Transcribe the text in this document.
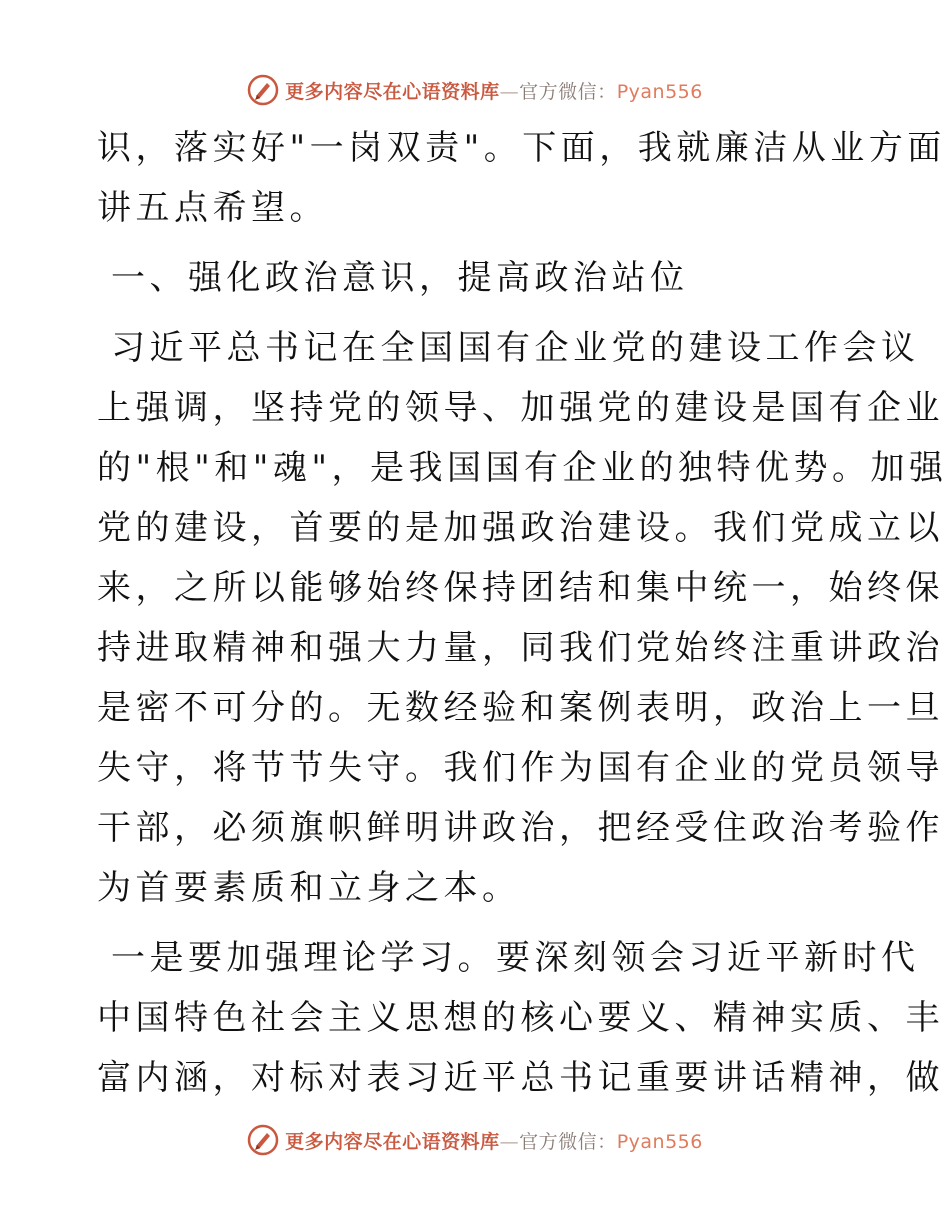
更多内容尽在心语资料库—官方微信：Pyan556
识，落实好"一岗双责"。下面，我就廉洁从业方面
讲五点希望。
一、强化政治意识，提高政治站位
习近平总书记在全国国有企业党的建设工作会议
上强调，坚持党的领导、加强党的建设是国有企业
的"根"和"魂"，是我国国有企业的独特优势。加强
党的建设，首要的是加强政治建设。我们党成立以
来，之所以能够始终保持团结和集中统一，始终保
持进取精神和强大力量，同我们党始终注重讲政治
是密不可分的。无数经验和案例表明，政治上一旦
失守，将节节失守。我们作为国有企业的党员领导
干部，必须旗帜鲜明讲政治，把经受住政治考验作
为首要素质和立身之本。
一是要加强理论学习。要深刻领会习近平新时代
中国特色社会主义思想的核心要义、精神实质、丰
富内涵，对标对表习近平总书记重要讲话精神，做
更多内容尽在心语资料库—官方微信：Pyan556
